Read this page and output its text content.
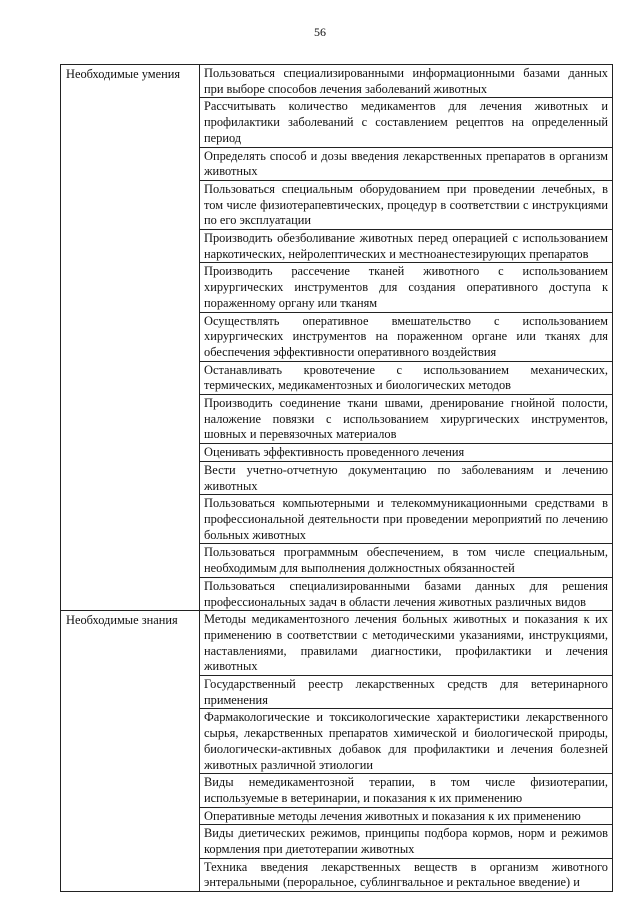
56
Необходимые умения	Пользоваться специализированными информационными базами данных при выборе способов лечения заболеваний животных
	Рассчитывать количество медикаментов для лечения животных и профилактики заболеваний с составлением рецептов на определенный период
	Определять способ и дозы введения лекарственных препаратов в организм животных
	Пользоваться специальным оборудованием при проведении лечебных, в том числе физиотерапевтических, процедур в соответствии с инструкциями по его эксплуатации
	Производить обезболивание животных перед операцией с использованием наркотических, нейролептических и местноанестезирующих препаратов
	Производить рассечение тканей животного с использованием хирургических инструментов для создания оперативного доступа к пораженному органу или тканям
	Осуществлять оперативное вмешательство с использованием хирургических инструментов на пораженном органе или тканях для обеспечения эффективности оперативного воздействия
	Останавливать кровотечение с использованием механических, термических, медикаментозных и биологических методов
	Производить соединение ткани швами, дренирование гнойной полости, наложение повязки с использованием хирургических инструментов, шовных и перевязочных материалов
	Оценивать эффективность проведенного лечения
	Вести учетно-отчетную документацию по заболеваниям и лечению животных
	Пользоваться компьютерными и телекоммуникационными средствами в профессиональной деятельности при проведении мероприятий по лечению больных животных
	Пользоваться программным обеспечением, в том числе специальным, необходимым для выполнения должностных обязанностей
	Пользоваться специализированными базами данных для решения профессиональных задач в области лечения животных различных видов
Необходимые знания	Методы медикаментозного лечения больных животных и показания к их применению в соответствии с методическими указаниями, инструкциями, наставлениями, правилами диагностики, профилактики и лечения животных
	Государственный реестр лекарственных средств для ветеринарного применения
	Фармакологические и токсикологические характеристики лекарственного сырья, лекарственных препаратов химической и биологической природы, биологически-активных добавок для профилактики и лечения болезней животных различной этиологии
	Виды немедикаментозной терапии, в том числе физиотерапии, используемые в ветеринарии, и показания к их применению
	Оперативные методы лечения животных и показания к их применению
	Виды диетических режимов, принципы подбора кормов, норм и режимов кормления при диетотерапии животных
	Техника введения лекарственных веществ в организм животного энтеральными (пероральное, сублингвальное и ректальное введение) и
